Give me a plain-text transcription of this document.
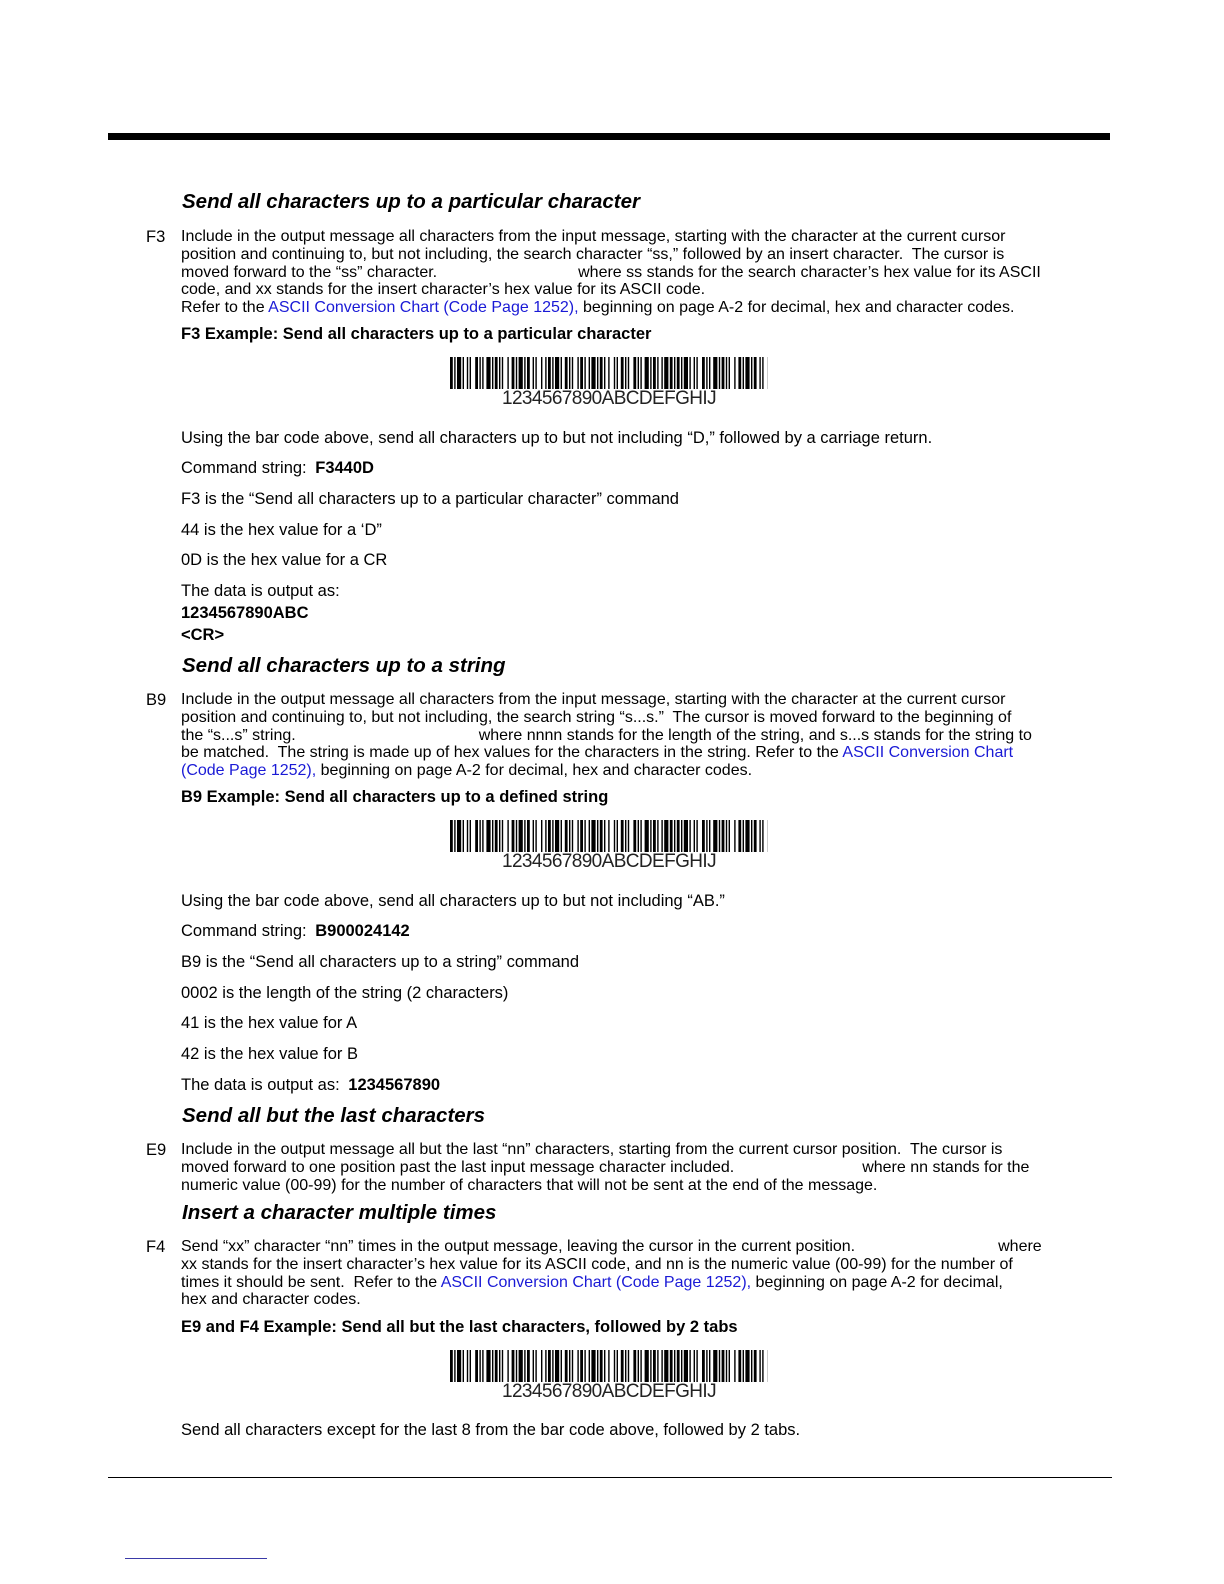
Send all characters up to a particular character
F3 Include in the output message all characters from the input message, starting with the character at the current cursor
position and continuing to, but not including, the search character “ss,” followed by an insert character.  The cursor is
moved forward to the “ss” character.	where ss stands for the search character’s hex value for its ASCII
code, and xx stands for the insert character’s hex value for its ASCII code.
Refer to the ASCII Conversion Chart (Code Page 1252), beginning on page A-2 for decimal, hex and character codes.
F3 Example: Send all characters up to a particular character
1234567890ABCDEFGHIJ
Using the bar code above, send all characters up to but not including “D,” followed by a carriage return.
Command string: F3440D
F3 is the “Send all characters up to a particular character” command
44 is the hex value for a ‘D”
0D is the hex value for a CR
The data is output as:
1234567890ABC
<CR>
Send all characters up to a string
B9 Include in the output message all characters from the input message, starting with the character at the current cursor
position and continuing to, but not including, the search string “s...s.”  The cursor is moved forward to the beginning of
the “s...s” string.	where nnnn stands for the length of the string, and s...s stands for the string to
be matched.  The string is made up of hex values for the characters in the string. Refer to the ASCII Conversion Chart
(Code Page 1252), beginning on page A-2 for decimal, hex and character codes.
B9 Example: Send all characters up to a defined string
1234567890ABCDEFGHIJ
Using the bar code above, send all characters up to but not including “AB.”
Command string: B900024142
B9 is the “Send all characters up to a string” command
0002 is the length of the string (2 characters)
41 is the hex value for A
42 is the hex value for B
The data is output as: 1234567890
Send all but the last characters
E9 Include in the output message all but the last “nn” characters, starting from the current cursor position.  The cursor is
moved forward to one position past the last input message character included.	where nn stands for the
numeric value (00-99) for the number of characters that will not be sent at the end of the message.
Insert a character multiple times
F4 Send “xx” character “nn” times in the output message, leaving the cursor in the current position.	where
xx stands for the insert character’s hex value for its ASCII code, and nn is the numeric value (00-99) for the number of
times it should be sent.  Refer to the ASCII Conversion Chart (Code Page 1252), beginning on page A-2 for decimal,
hex and character codes.
E9 and F4 Example: Send all but the last characters, followed by 2 tabs
1234567890ABCDEFGHIJ
Send all characters except for the last 8 from the bar code above, followed by 2 tabs.
